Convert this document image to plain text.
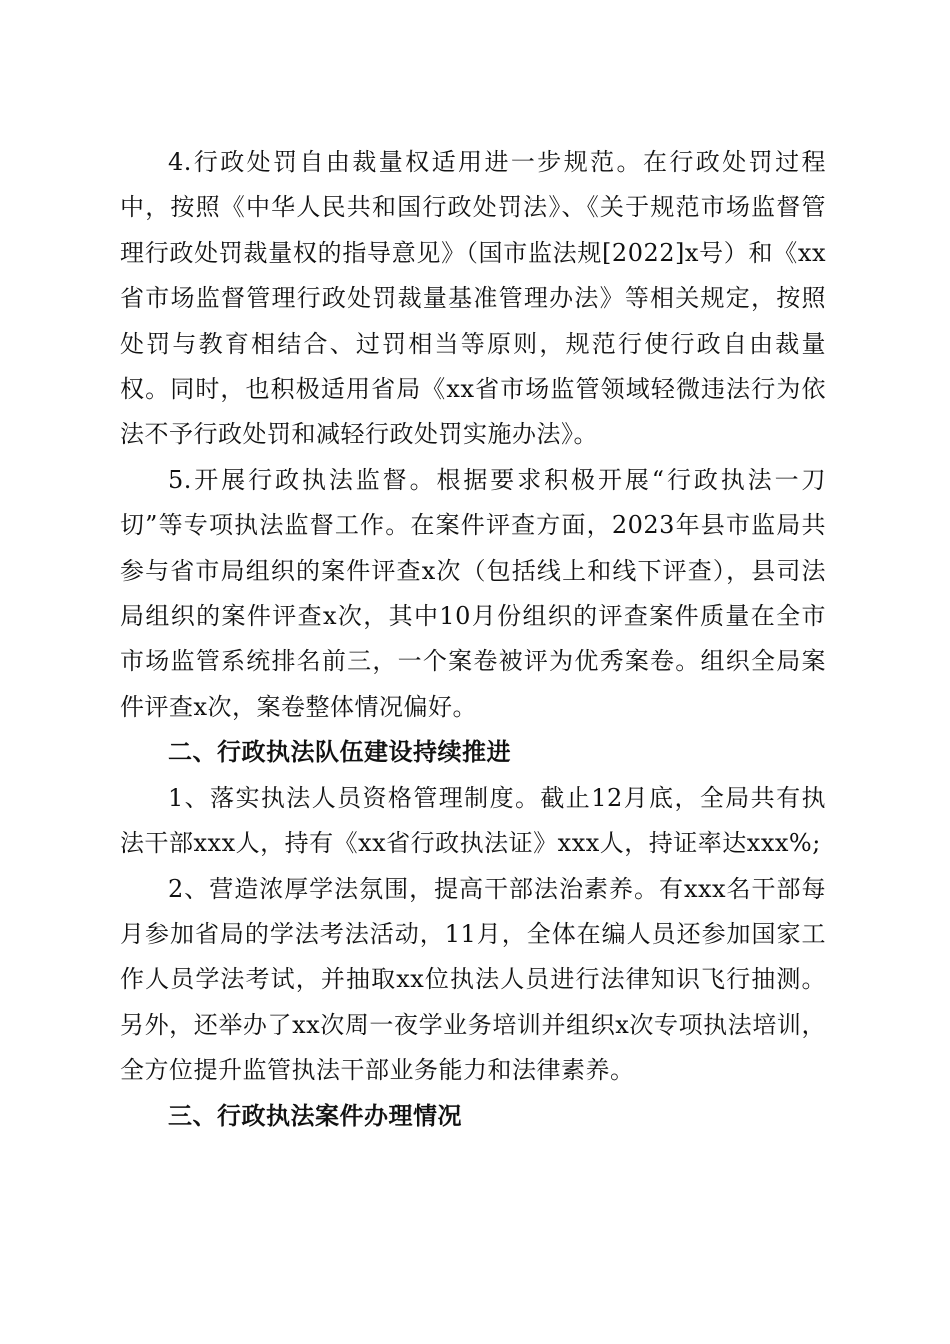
4.行政处罚自由裁量权适用进一步规范。在行政处罚过程中，按照《中华人民共和国行政处罚法》、《关于规范市场监督管理行政处罚裁量权的指导意见》（国市监法规[2022]x号）和《xx省市场监督管理行政处罚裁量基准管理办法》等相关规定，按照处罚与教育相结合、过罚相当等原则，规范行使行政自由裁量权。同时，也积极适用省局《xx省市场监管领域轻微违法行为依法不予行政处罚和减轻行政处罚实施办法》。

5.开展行政执法监督。根据要求积极开展“行政执法一刀切”等专项执法监督工作。在案件评查方面，2023年县市监局共参与省市局组织的案件评查x次（包括线上和线下评查），县司法局组织的案件评查x次，其中10月份组织的评查案件质量在全市市场监管系统排名前三，一个案卷被评为优秀案卷。组织全局案件评查x次，案卷整体情况偏好。

二、行政执法队伍建设持续推进

1、落实执法人员资格管理制度。截止12月底，全局共有执法干部xxx人，持有《xx省行政执法证》xxx人，持证率达xxx%;

2、营造浓厚学法氛围，提高干部法治素养。有xxx名干部每月参加省局的学法考法活动，11月，全体在编人员还参加国家工作人员学法考试，并抽取xx位执法人员进行法律知识飞行抽测。另外，还举办了xx次周一夜学业务培训并组织x次专项执法培训，全方位提升监管执法干部业务能力和法律素养。

三、行政执法案件办理情况
